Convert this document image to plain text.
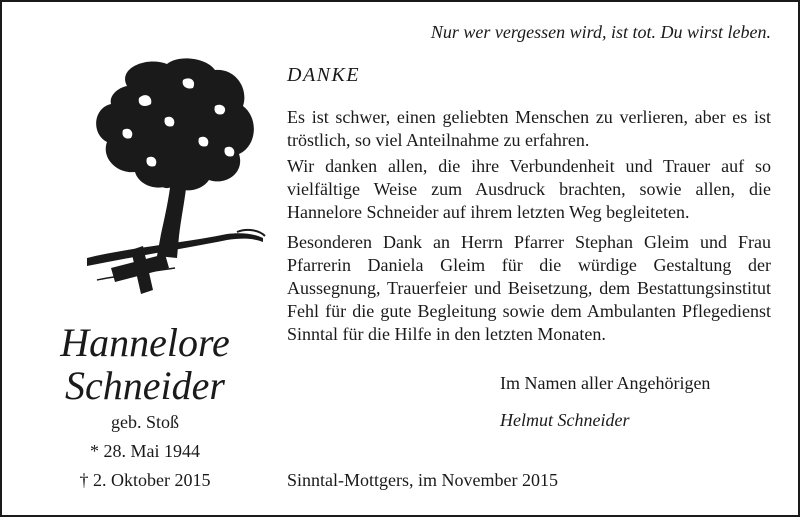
Nur wer vergessen wird, ist tot. Du wirst leben.
Hannelore
Schneider
geb. Stoß
* 28. Mai 1944
† 2. Oktober 2015
DANKE

Es ist schwer, einen geliebten Menschen zu verlieren, aber es ist tröstlich, so viel Anteilnahme zu erfahren.

Wir danken allen, die ihre Verbundenheit und Trauer auf so vielfältige Weise zum Ausdruck brachten, sowie allen, die Hannelore Schneider auf ihrem letzten Weg begleiteten.

Besonderen Dank an Herrn Pfarrer Stephan Gleim und Frau Pfarrerin Daniela Gleim für die würdige Gestaltung der Aussegnung, Trauerfeier und Beisetzung, dem Bestattungsinstitut Fehl für die gute Begleitung sowie dem Ambulanten Pflegedienst Sinntal für die Hilfe in den letzten Monaten.

Im Namen aller Angehörigen
Helmut Schneider
Sinntal-Mottgers, im November 2015
